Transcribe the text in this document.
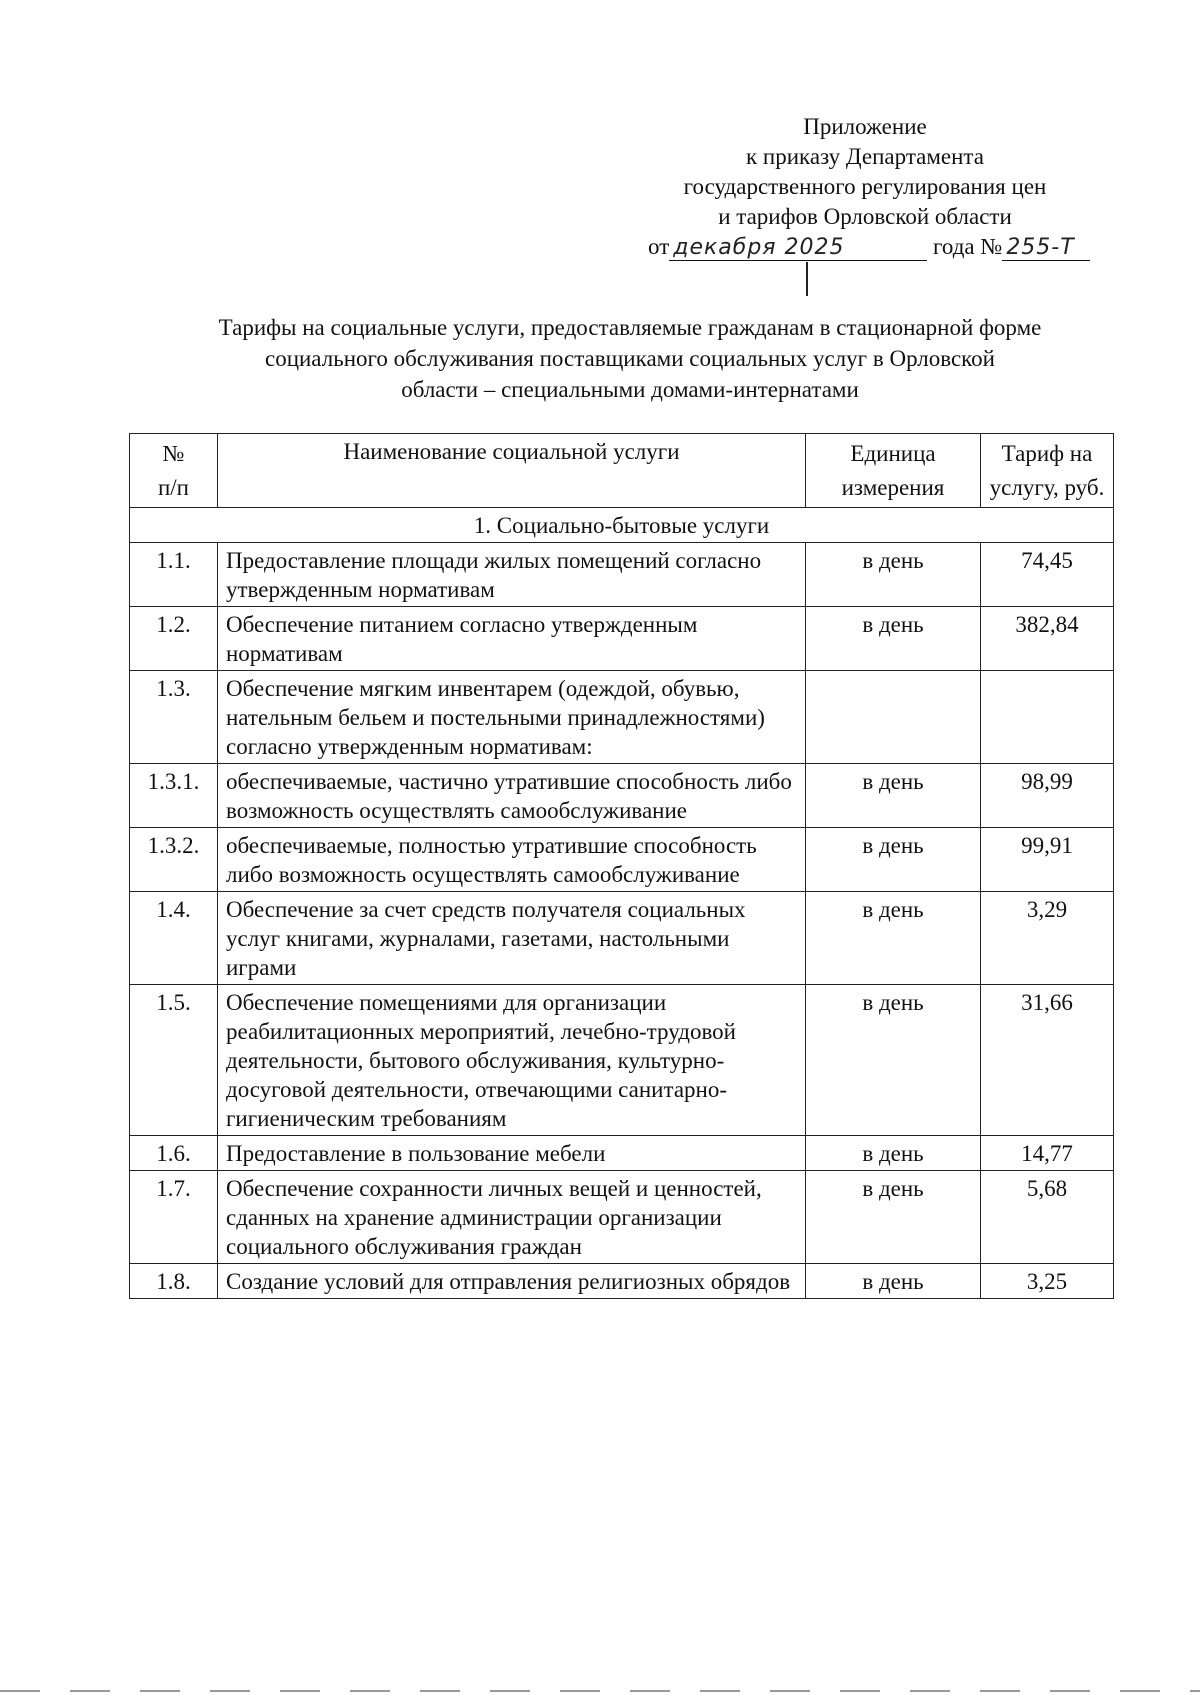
Приложение
к приказу Департамента
государственного регулирования цен
и тарифов Орловской области
от декабря 2025	года № 255-Т
Тарифы на социальные услуги, предоставляемые гражданам в стационарной форме
социального обслуживания поставщиками социальных услуг в Орловской
области – специальными домами-интернатами
№
п/п	Наименование социальной услуги	Единица измерения	Тариф на услугу, руб.
1. Социально-бытовые услуги			
1.1.	Предоставление площади жилых помещений согласно утвержденным нормативам	в день	74,45
1.2.	Обеспечение питанием согласно утвержденным нормативам	в день	382,84
1.3.	Обеспечение мягким инвентарем (одеждой, обувью, нательным бельем и постельными принадлежностями) согласно утвержденным нормативам:		
1.3.1.	обеспечиваемые, частично утратившие способность либо возможность осуществлять самообслуживание	в день	98,99
1.3.2.	обеспечиваемые, полностью утратившие способность либо возможность осуществлять самообслуживание	в день	99,91
1.4.	Обеспечение за счет средств получателя социальных услуг книгами, журналами, газетами, настольными играми	в день	3,29
1.5.	Обеспечение помещениями для организации реабилитационных мероприятий, лечебно-трудовой деятельности, бытового обслуживания, культурно-досуговой деятельности, отвечающими санитарно-гигиеническим требованиям	в день	31,66
1.6.	Предоставление в пользование мебели	в день	14,77
1.7.	Обеспечение сохранности личных вещей и ценностей, сданных на хранение администрации организации социального обслуживания граждан	в день	5,68
1.8.	Создание условий для отправления религиозных обрядов	в день	3,25
